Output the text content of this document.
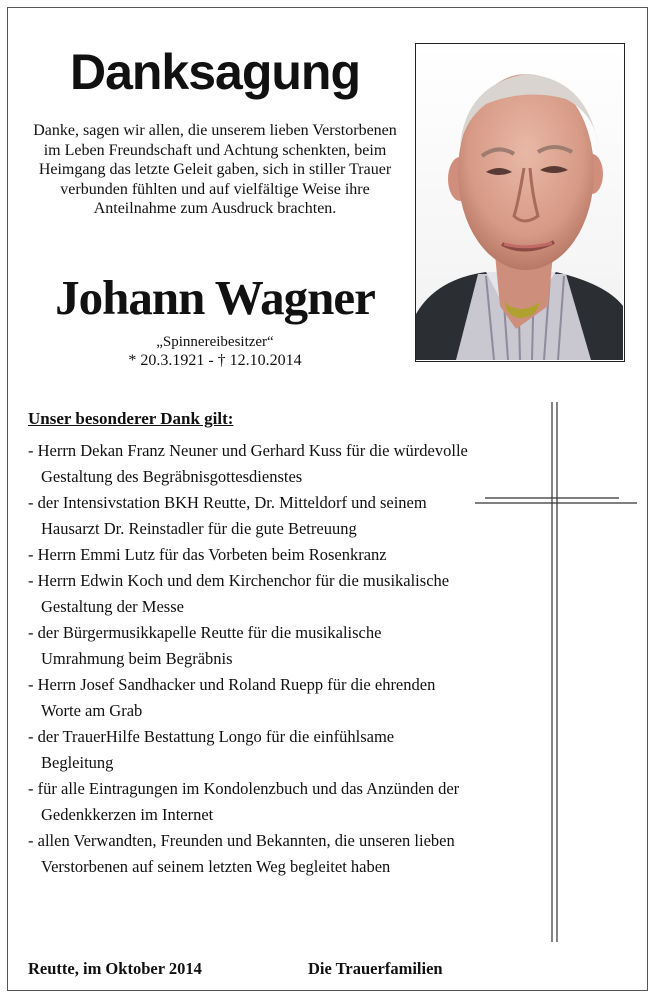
Danksagung

Danke, sagen wir allen, die unserem lieben Verstorbenen im Leben Freundschaft und Achtung schenkten, beim Heimgang das letzte Geleit gaben, sich in stiller Trauer verbunden fühlten und auf vielfältige Weise ihre Anteilnahme zum Ausdruck brachten.

Johann Wagner
„Spinnereibesitzer“
* 20.3.1921 - † 12.10.2014
Unser besonderer Dank gilt:
- Herrn Dekan Franz Neuner und Gerhard Kuss für die würdevolle Gestaltung des Begräbnisgottesdienstes
- der Intensivstation BKH Reutte, Dr. Mitteldorf und seinem Hausarzt Dr. Reinstadler für die gute Betreuung
- Herrn Emmi Lutz für das Vorbeten beim Rosenkranz
- Herrn Edwin Koch und dem Kirchenchor für die musikalische Gestaltung der Messe
- der Bürgermusikkapelle Reutte für die musikalische Umrahmung beim Begräbnis
- Herrn Josef Sandhacker und Roland Ruepp für die ehrenden Worte am Grab
- der TrauerHilfe Bestattung Longo für die einfühlsame Begleitung
- für alle Eintragungen im Kondolenzbuch und das Anzünden der Gedenkkerzen im Internet
- allen Verwandten, Freunden und Bekannten, die unseren lieben Verstorbenen auf seinem letzten Weg begleitet haben
Reutte, im Oktober 2014	Die Trauerfamilien
